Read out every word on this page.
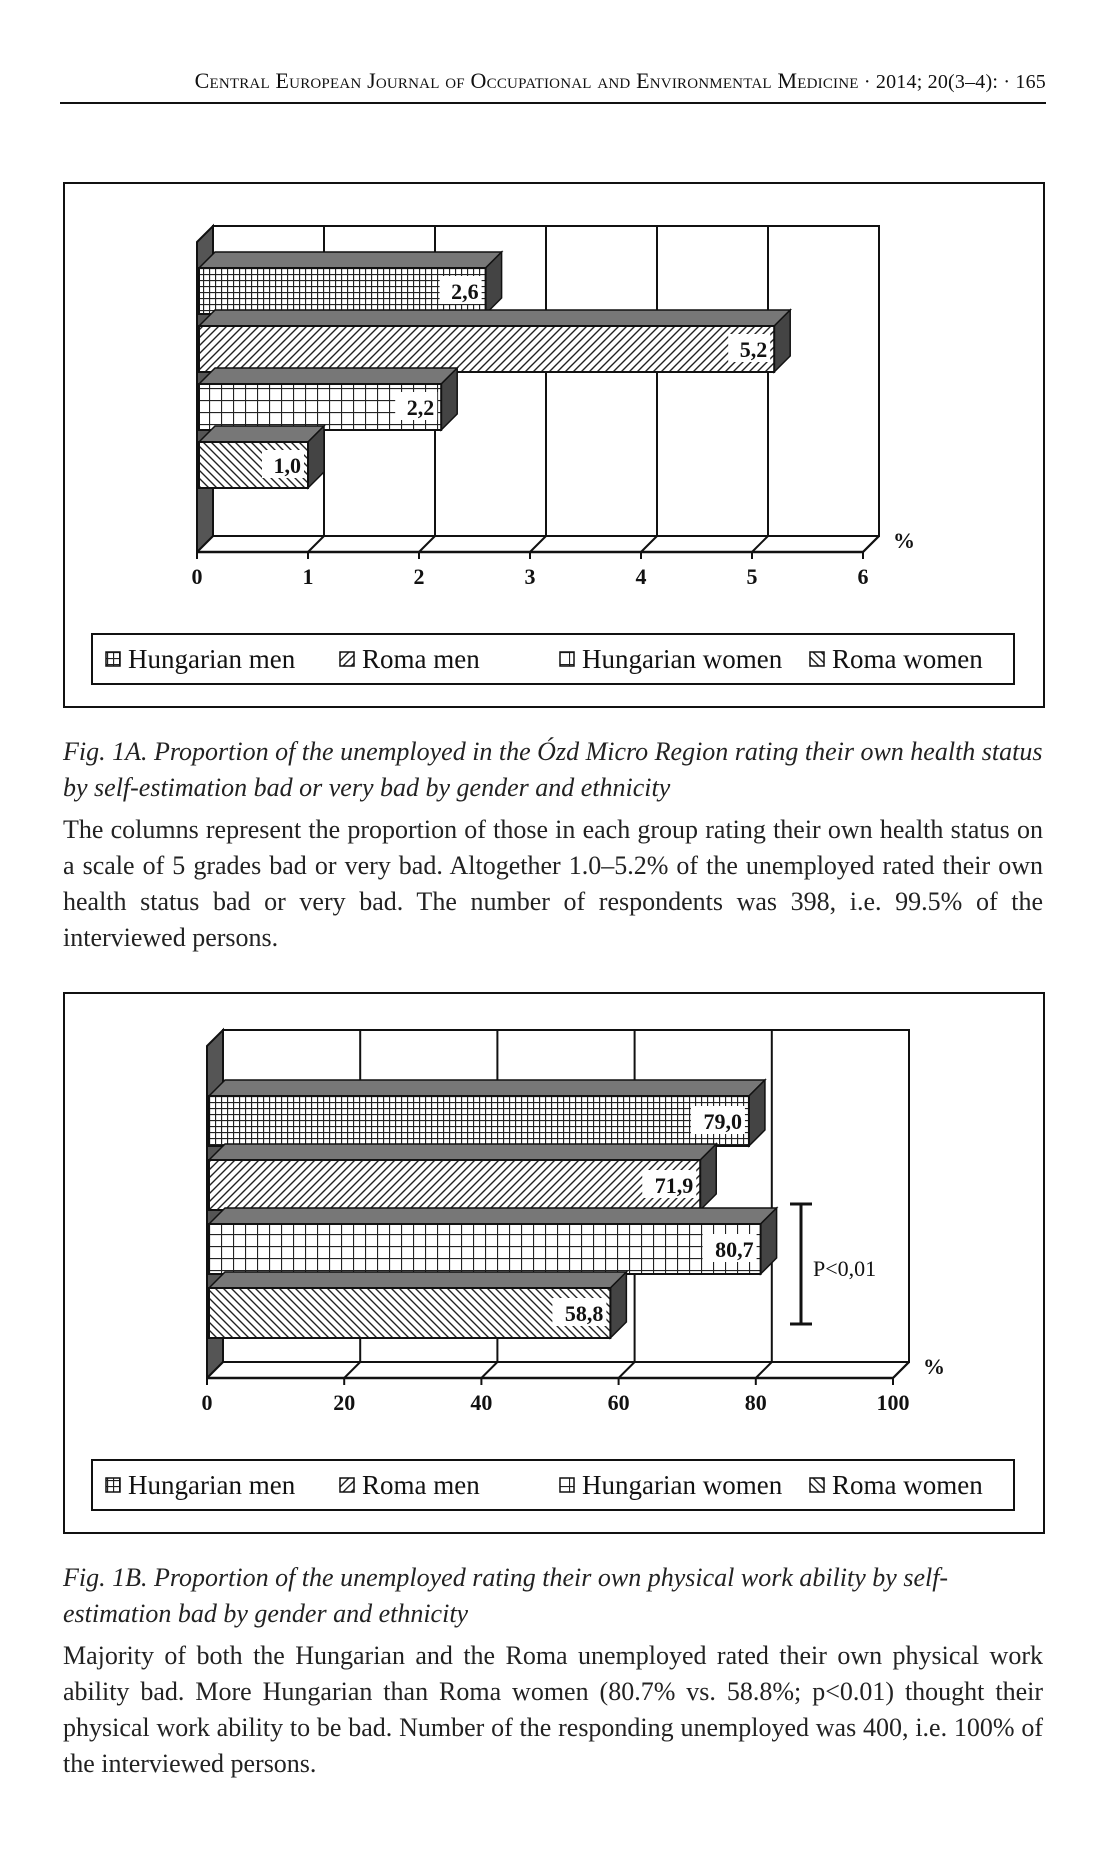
Central European Journal of Occupational and Environmental Medicine · 2014; 20(3–4): · 165
0	1	2	3	4	5	6
%
2,6
5,2
2,2
1,0
Hungarian men Roma men	Hungarian women Roma women
Fig. 1A. Proportion of the unemployed in the Ózd Micro Region rating their own health status by self-estimation bad or very bad by gender and ethnicity
The columns represent the proportion of those in each group rating their own health status on a scale of 5 grades bad or very bad. Altogether 1.0–5.2% of the unemployed rated their own health status bad or very bad. The number of respondents was 398, i.e. 99.5% of the interviewed persons.
0	20	40	60	80	100
%
79,0
71,9
80,7
58,8
Hungarian men Roma men	Hungarian women Roma women
P<0,01
Fig. 1B. Proportion of the unemployed rating their own physical work ability by self-estimation bad by gender and ethnicity
Majority of both the Hungarian and the Roma unemployed rated their own physical work ability bad. More Hungarian than Roma women (80.7% vs. 58.8%; p<0.01) thought their physical work ability to be bad. Number of the responding unemployed was 400, i.e. 100% of the interviewed persons.
